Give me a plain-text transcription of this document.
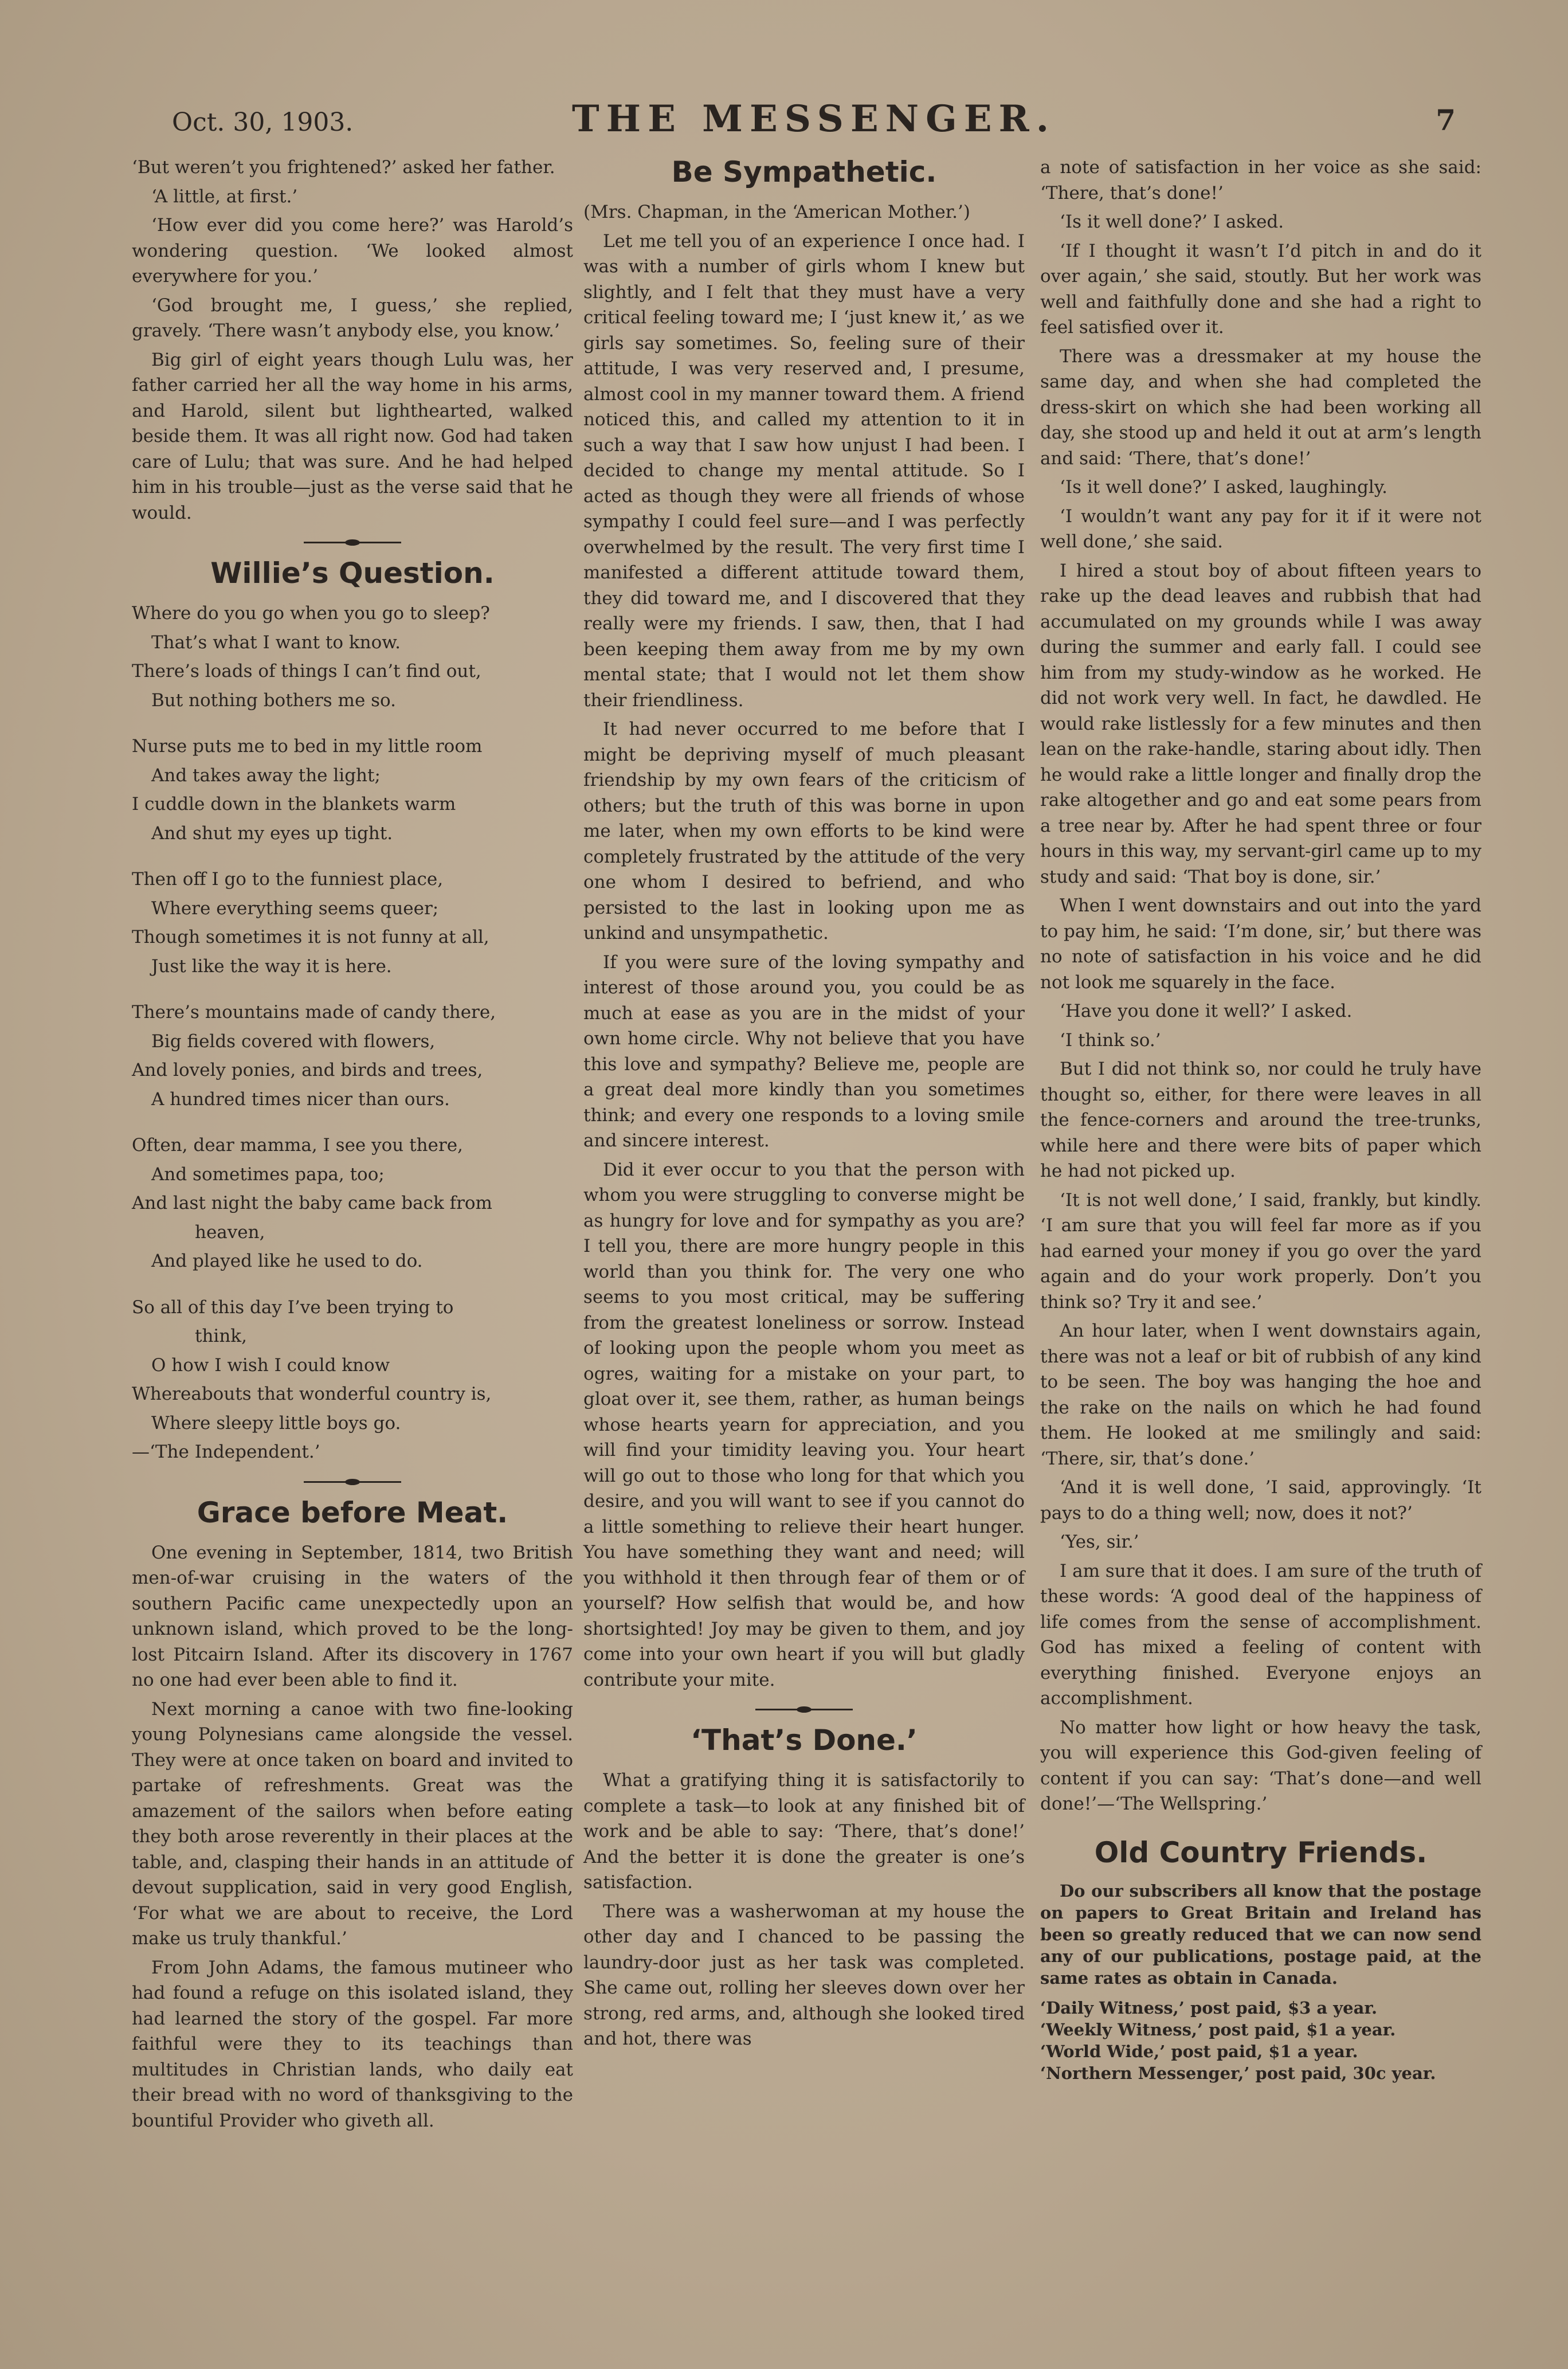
Oct. 30, 1903.	THE MESSENGER.	7

‘But weren’t you frightened?’ asked her father.

‘A little, at first.’

‘How ever did you come here?’ was Harold’s wondering question. ‘We looked almost everywhere for you.’

‘God brought me, I guess,’ she replied, gravely. ‘There wasn’t anybody else, you know.’

Big girl of eight years though Lulu was, her father carried her all the way home in his arms, and Harold, silent but lighthearted, walked beside them. It was all right now. God had taken care of Lulu; that was sure. And he had helped him in his trouble—just as the verse said that he would.

Willie’s Question.

Where do you go when you go to sleep?

That’s what I want to know.

There’s loads of things I can’t find out,

But nothing bothers me so.

Nurse puts me to bed in my little room

And takes away the light;

I cuddle down in the blankets warm

And shut my eyes up tight.

Then off I go to the funniest place,

Where everything seems queer;

Though sometimes it is not funny at all,

Just like the way it is here.

There’s mountains made of candy there,

Big fields covered with flowers,

And lovely ponies, and birds and trees,

A hundred times nicer than ours.

Often, dear mamma, I see you there,

And sometimes papa, too;

And last night the baby came back from

heaven,

And played like he used to do.

So all of this day I’ve been trying to

think,

O how I wish I could know

Whereabouts that wonderful country is,

Where sleepy little boys go.

—‘The Independent.’

Grace before Meat.

One evening in September, 1814, two British men-of-war cruising in the waters of the southern Pacific came unexpectedly upon an unknown island, which proved to be the long-lost Pitcairn Island. After its discovery in 1767 no one had ever been able to find it.

Next morning a canoe with two fine-looking young Polynesians came alongside the vessel. They were at once taken on board and invited to partake of refreshments. Great was the amazement of the sailors when before eating they both arose reverently in their places at the table, and, clasping their hands in an attitude of devout supplication, said in very good English, ‘For what we are about to receive, the Lord make us truly thankful.’

From John Adams, the famous mutineer who had found a refuge on this isolated island, they had learned the story of the gospel. Far more faithful were they to its teachings than multitudes in Christian lands, who daily eat their bread with no word of thanksgiving to the bountiful Provider who giveth all.

Be Sympathetic.

(Mrs. Chapman, in the ‘American Mother.’)

Let me tell you of an experience I once had. I was with a number of girls whom I knew but slightly, and I felt that they must have a very critical feeling toward me; I ‘just knew it,’ as we girls say sometimes. So, feeling sure of their attitude, I was very reserved and, I presume, almost cool in my manner toward them. A friend noticed this, and called my attention to it in such a way that I saw how unjust I had been. I decided to change my mental attitude. So I acted as though they were all friends of whose sympathy I could feel sure—and I was perfectly overwhelmed by the result. The very first time I manifested a different attitude toward them, they did toward me, and I discovered that they really were my friends. I saw, then, that I had been keeping them away from me by my own mental state; that I would not let them show their friendliness.

It had never occurred to me before that I might be depriving myself of much pleasant friendship by my own fears of the criticism of others; but the truth of this was borne in upon me later, when my own efforts to be kind were completely frustrated by the attitude of the very one whom I desired to befriend, and who persisted to the last in looking upon me as unkind and unsympathetic.

If you were sure of the loving sympathy and interest of those around you, you could be as much at ease as you are in the midst of your own home circle. Why not believe that you have this love and sympathy? Believe me, people are a great deal more kindly than you sometimes think; and every one responds to a loving smile and sincere interest.

Did it ever occur to you that the person with whom you were struggling to converse might be as hungry for love and for sympathy as you are? I tell you, there are more hungry people in this world than you think for. The very one who seems to you most critical, may be suffering from the greatest loneliness or sorrow. Instead of looking upon the people whom you meet as ogres, waiting for a mistake on your part, to gloat over it, see them, rather, as human beings whose hearts yearn for appreciation, and you will find your timidity leaving you. Your heart will go out to those who long for that which you desire, and you will want to see if you cannot do a little something to relieve their heart hunger. You have something they want and need; will you withhold it then through fear of them or of yourself? How selfish that would be, and how shortsighted! Joy may be given to them, and joy come into your own heart if you will but gladly contribute your mite.

‘That’s Done.’

What a gratifying thing it is satisfactorily to complete a task—to look at any finished bit of work and be able to say: ‘There, that’s done!’ And the better it is done the greater is one’s satisfaction.

There was a washerwoman at my house the other day and I chanced to be passing the laundry-door just as her task was completed. She came out, rolling her sleeves down over her strong, red arms, and, although she looked tired and hot, there was

a note of satisfaction in her voice as she said: ‘There, that’s done!’

‘Is it well done?’ I asked.

‘If I thought it wasn’t I’d pitch in and do it over again,’ she said, stoutly. But her work was well and faithfully done and she had a right to feel satisfied over it.

There was a dressmaker at my house the same day, and when she had completed the dress-skirt on which she had been working all day, she stood up and held it out at arm’s length and said: ‘There, that’s done!’

‘Is it well done?’ I asked, laughingly.

‘I wouldn’t want any pay for it if it were not well done,’ she said.

I hired a stout boy of about fifteen years to rake up the dead leaves and rubbish that had accumulated on my grounds while I was away during the summer and early fall. I could see him from my study-window as he worked. He did not work very well. In fact, he dawdled. He would rake listlessly for a few minutes and then lean on the rake-handle, staring about idly. Then he would rake a little longer and finally drop the rake altogether and go and eat some pears from a tree near by. After he had spent three or four hours in this way, my servant-girl came up to my study and said: ‘That boy is done, sir.’

When I went downstairs and out into the yard to pay him, he said: ‘I’m done, sir,’ but there was no note of satisfaction in his voice and he did not look me squarely in the face.

‘Have you done it well?’ I asked.

‘I think so.’

But I did not think so, nor could he truly have thought so, either, for there were leaves in all the fence-corners and around the tree-trunks, while here and there were bits of paper which he had not picked up.

‘It is not well done,’ I said, frankly, but kindly. ‘I am sure that you will feel far more as if you had earned your money if you go over the yard again and do your work properly. Don’t you think so? Try it and see.’

An hour later, when I went downstairs again, there was not a leaf or bit of rubbish of any kind to be seen. The boy was hanging the hoe and the rake on the nails on which he had found them. He looked at me smilingly and said: ‘There, sir, that’s done.’

‘And it is well done, ’I said, approvingly. ‘It pays to do a thing well; now, does it not?’

‘Yes, sir.’

I am sure that it does. I am sure of the truth of these words: ‘A good deal of the happiness of life comes from the sense of accomplishment. God has mixed a feeling of content with everything finished. Everyone enjoys an accomplishment.

No matter how light or how heavy the task, you will experience this God-given feeling of content if you can say: ‘That’s done—and well done!’—‘The Wellspring.’

Old Country Friends.

Do our subscribers all know that the postage on papers to Great Britain and Ireland has been so greatly reduced that we can now send any of our publications, postage paid, at the same rates as obtain in Canada.

‘Daily Witness,’ post paid, $3 a year.

‘Weekly Witness,’ post paid, $1 a year.

‘World Wide,’ post paid, $1 a year.

‘Northern Messenger,’ post paid, 30c year.
